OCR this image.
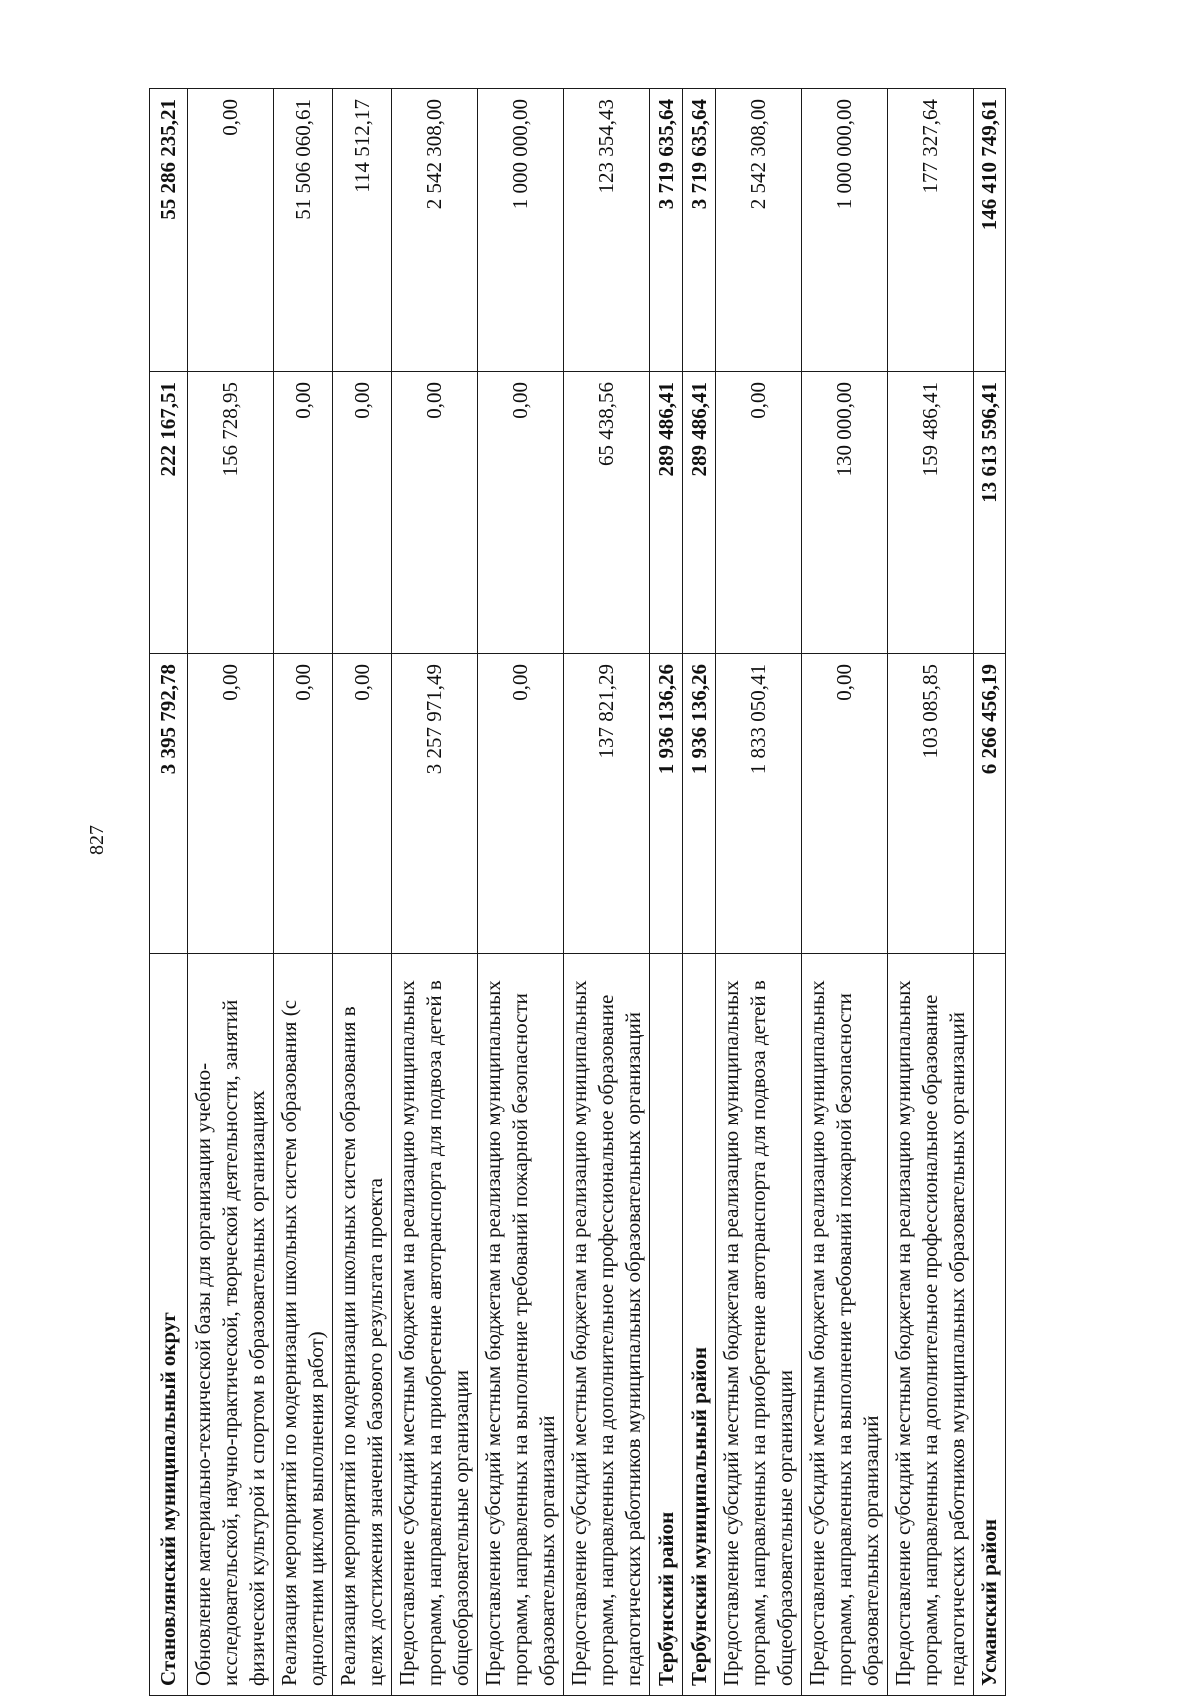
827
Становлянский муниципальный округ	3 395 792,78	222 167,51	55 286 235,21
Обновление материально-технической базы для организации учебно-исследовательской, научно-практической, творческой деятельности, занятий физической культурой и спортом в образовательных организациях	0,00	156 728,95	0,00
Реализация мероприятий по модернизации школьных систем образования (с однолетним циклом выполнения работ)	0,00	0,00	51 506 060,61
Реализация мероприятий по модернизации школьных систем образования в целях достижения значений базового результата проекта	0,00	0,00	114 512,17
Предоставление субсидий местным бюджетам на реализацию муниципальных программ, направленных на приобретение автотранспорта для подвоза детей в общеобразовательные организации	3 257 971,49	0,00	2 542 308,00
Предоставление субсидий местным бюджетам на реализацию муниципальных программ, направленных на выполнение требований пожарной безопасности образовательных организаций	0,00	0,00	1 000 000,00
Предоставление субсидий местным бюджетам на реализацию муниципальных программ, направленных на дополнительное профессиональное образование педагогических работников муниципальных образовательных организаций	137 821,29	65 438,56	123 354,43
Тербунский район	1 936 136,26	289 486,41	3 719 635,64
Тербунский муниципальный район	1 936 136,26	289 486,41	3 719 635,64
Предоставление субсидий местным бюджетам на реализацию муниципальных программ, направленных на приобретение автотранспорта для подвоза детей в общеобразовательные организации	1 833 050,41	0,00	2 542 308,00
Предоставление субсидий местным бюджетам на реализацию муниципальных программ, направленных на выполнение требований пожарной безопасности образовательных организаций	0,00	130 000,00	1 000 000,00
Предоставление субсидий местным бюджетам на реализацию муниципальных программ, направленных на дополнительное профессиональное образование педагогических работников муниципальных образовательных организаций	103 085,85	159 486,41	177 327,64
Усманский район	6 266 456,19	13 613 596,41	146 410 749,61
